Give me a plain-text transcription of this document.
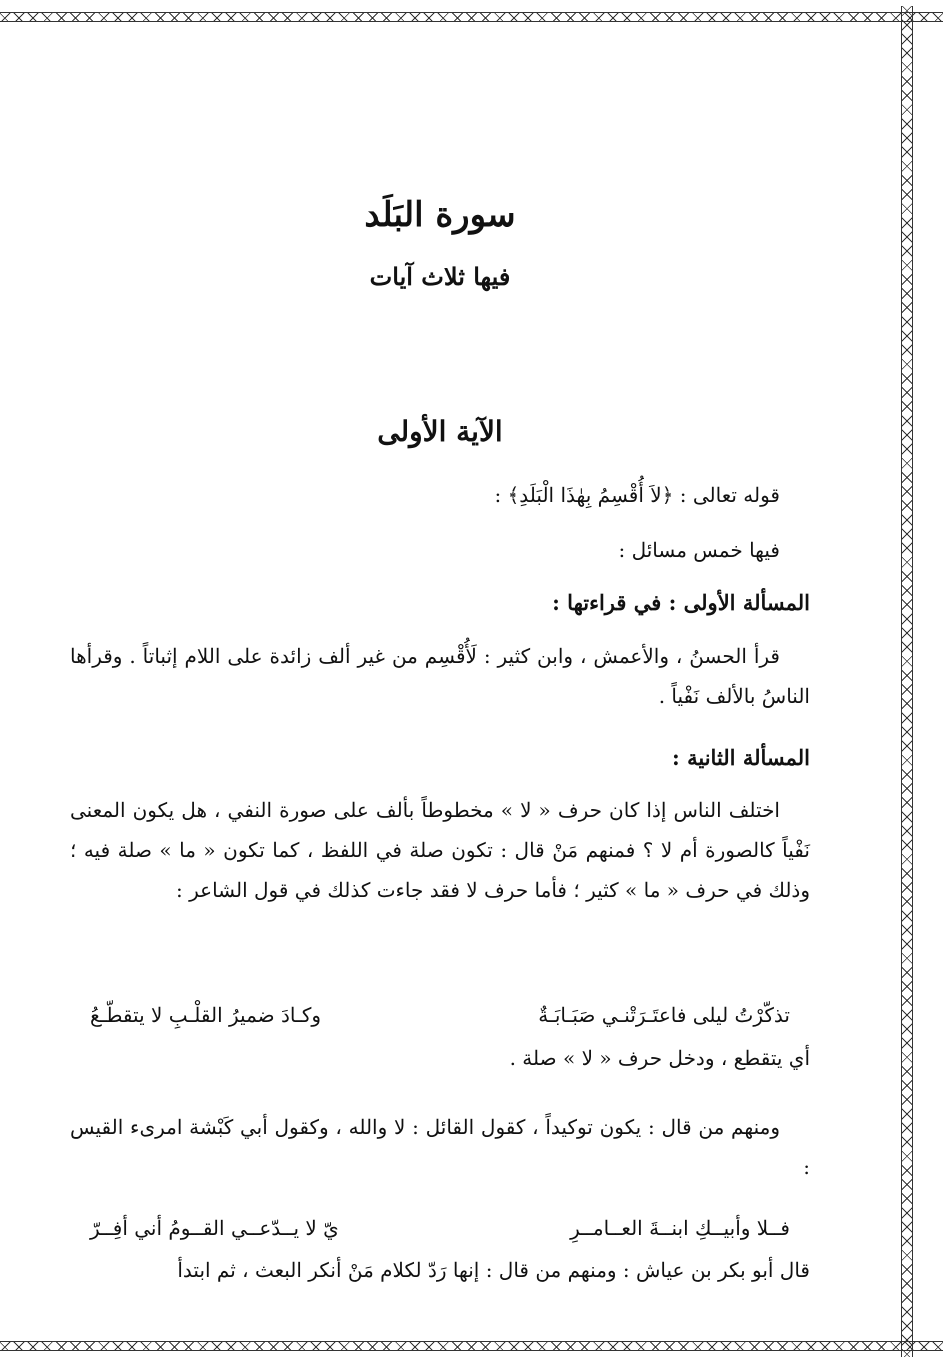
سورة البَلَد
فيها ثلاث آيات
الآية الأولى

قوله تعالى : ﴿لاَ أُقْسِمُ بِهٰذَا الْبَلَدِ﴾ :

فيها خمس مسائل :

المسألة الأولى : في قراءتها :

قرأ الحسنُ ، والأعمش ، وابن كثير : لَأُقْسِم من غير ألف زائدة على اللام إثباتاً . وقرأها الناسُ بالألف نَفْياً .

المسألة الثانية :

اختلف الناس إذا كان حرف « لا » مخطوطاً بألف على صورة النفي ، هل يكون المعنى نَفْياً كالصورة أم لا ؟ فمنهم مَنْ قال : تكون صلة في اللفظ ، كما تكون « ما » صلة فيه ؛ وذلك في حرف « ما » كثير ؛ فأما حرف لا فقد جاءت كذلك في قول الشاعر :

تذكّرْتُ ليلى فاعتَـرَتْنـي صَبَـابَـةٌ
وكـادَ ضميرُ القلْـبِ لا يتقطّـعُ

أي يتقطع ، ودخل حرف « لا » صلة .

ومنهم من قال : يكون توكيداً ، كقول القائل : لا والله ، وكقول أبي كَبْشة امرىء القيس :

فــلا وأبيــكِ ابنــةَ العــامــرِ
يّ لا يــدّعــي القــومُ أني أفِــرّ

قال أبو بكر بن عياش : ومنهم من قال : إنها رَدّ لكلام مَنْ أنكر البعث ، ثم ابتدأ
